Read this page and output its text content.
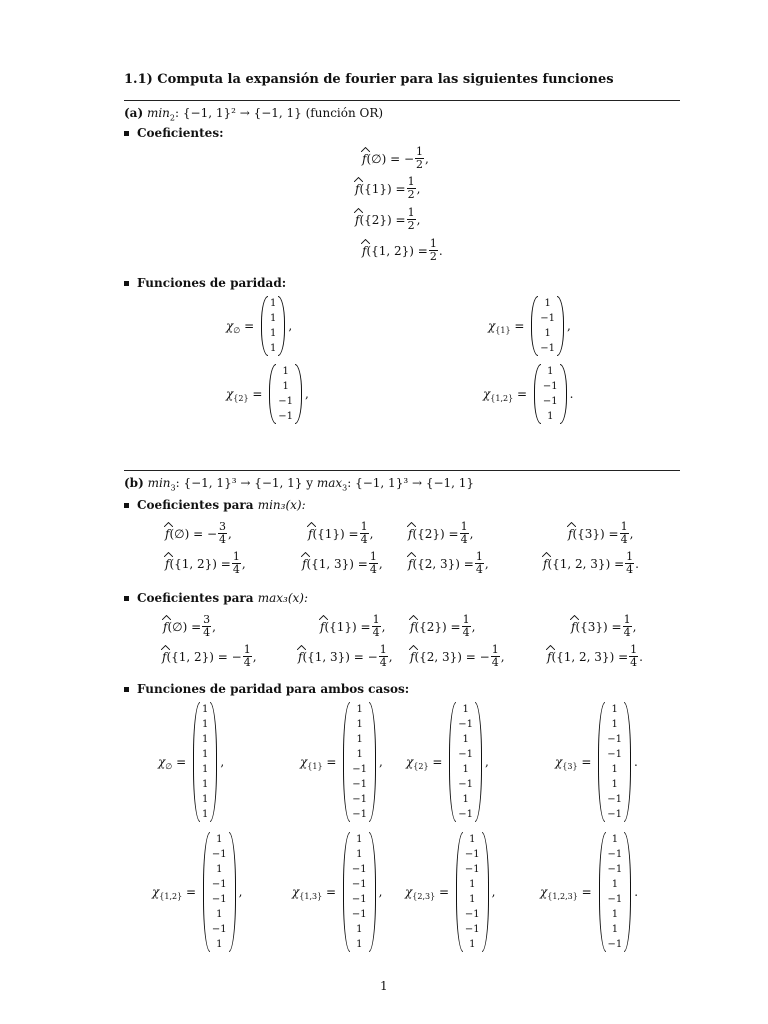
1.1) Computa la expansión de fourier para las siguientes funciones
(a) $\min_2$: {−1, 1}² → {−1, 1} (función OR)
Coeficientes:
f (∅) = − $\frac{1}{2}$ ,
f $(\{1\}) = \frac{1}{2}$ ,
f $(\{2\}) = \frac{1}{2}$ ,
f ({1, $2\}) = \frac{1}{2}$ .
Funciones de paridad:
χ ∅ =
1
1
1
1
,	χ {1} =
1
−1
1
−1
,
χ {2} =
1
1
−1
−1
,	χ {1,2} =
1
−1
−1
1
.
(b) $\min_3$: {−1, 1}³ → {−1, 1} y $\max_3$: {−1, 1}³ → {−1, 1}
Coeficientes para min₃(x):
f (∅) = − $\frac{3}{4}$ ,	f $(\{1\}) = \frac{1}{4}$ ,	f $(\{2\}) = \frac{1}{4}$ ,	f $(\{3\}) = \frac{1}{4}$ ,
f ({1, $2\}) = \frac{1}{4}$ ,	f ({1, $3\}) = \frac{1}{4}$ , f ({2, $3\}) = \frac{1}{4}$ ,	f ({1, 2, $3\}) = \frac{1}{4}$ .
Coeficientes para max₃(x):
f (∅) = $\frac{3}{4}$ ,	f $(\{1\}) = \frac{1}{4}$ , f $(\{2\}) = \frac{1}{4}$ ,	f $(\{3\}) = \frac{1}{4}$ ,
f ({1, 2}) = − $\frac{1}{4}$ ,	f ({1, 3}) = − $\frac{1}{4}$ , f ({2, 3}) = − $\frac{1}{4}$ ,	f ({1, 2, $3\}) = \frac{1}{4}$ .
Funciones de paridad para ambos casos:
χ ∅ =
1
1
1
1
1
1
1
1
,	χ {1} =
1
1
1
1
−1
−1
−1
−1
, χ {2} =
1
−1
1
−1
1
−1
1
−1
,	χ {3} =
1
1
−1
−1
1
1
−1
−1
.
χ {1,2} =
1
−1
1
−1
−1
1
−1
1
,	χ {1,3} =
1
1
−1
−1
−1
−1
1
1
, χ {2,3} =
1
−1
−1
1
1
−1
−1
1
,	χ {1,2,3} =
1
−1
−1
1
−1
1
1
−1
.
1
